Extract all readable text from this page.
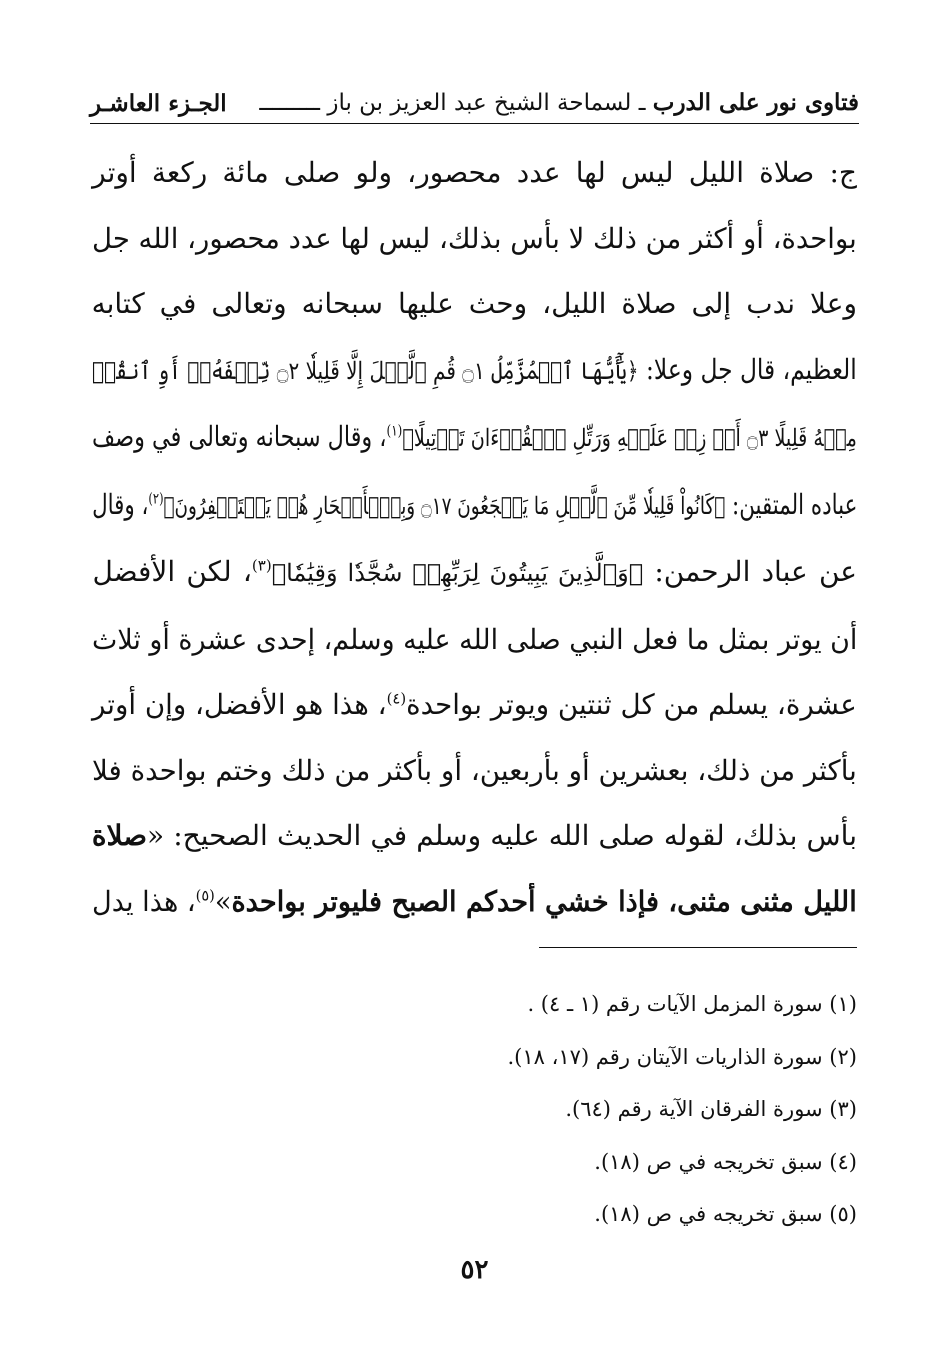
فتاوى نور على الدرب ـ لسماحة الشيخ عبد العزيز بن باز ـــــــــ
الجـزء العاشـر
ج: صلاة الليل ليس لها عدد محصور، ولو صلى مائة ركعة أوتر
بواحدة، أو أكثر من ذلك لا بأس بذلك، ليس لها عدد محصور، الله جل
وعلا ندب إلى صلاة الليل، وحث عليها سبحانه وتعالى في كتابه
العظيم، قال جل وعلا: ﴿يَٰٓأَيُّهَا ٱلۡمُزَّمِّلُ ۝١ قُمِ ٱلَّيۡلَ إِلَّا قَلِيلٗا ۝٢ نِّصۡفَهُۥٓ أَوِ ٱنقُصۡ
مِنۡهُ قَلِيلًا ۝٣ أَوۡ زِدۡ عَلَيۡهِ وَرَتِّلِ ٱلۡقُرۡءَانَ تَرۡتِيلًا﴾$^{(١)}$، وقال سبحانه وتعالى في وصف
عباده المتقين: ﴿كَانُواْ قَلِيلٗا مِّنَ ٱلَّيۡلِ مَا يَهۡجَعُونَ ۝١٧ وَبِٱلۡأَسۡحَارِ هُمۡ يَسۡتَغۡفِرُونَ﴾$^{(٢)}$، وقال
عن عباد الرحمن: ﴿وَٱلَّذِينَ يَبِيتُونَ لِرَبِّهِمۡ سُجَّدٗا وَقِيَٰمٗا﴾$^{(٣)}$، لكن الأفضل
أن يوتر بمثل ما فعل النبي صلى الله عليه وسلم، إحدى عشرة أو ثلاث
عشرة، يسلم من كل ثنتين ويوتر بواحدة$^{(٤)}$، هذا هو الأفضل، وإن أوتر
بأكثر من ذلك، بعشرين أو بأربعين، أو بأكثر من ذلك وختم بواحدة فلا
بأس بذلك، لقوله صلى الله عليه وسلم في الحديث الصحيح: «صلاة
الليل مثنى مثنى، فإذا خشي أحدكم الصبح فليوتر بواحدة»$^{(٥)}$، هذا يدل
(١) سورة المزمل الآيات رقم (١ ـ ٤) .
(٢) سورة الذاريات الآيتان رقم (١٧، ١٨).
(٣) سورة الفرقان الآية رقم (٦٤).
(٤) سبق تخريجه في ص (١٨).
(٥) سبق تخريجه في ص (١٨).
٥٢
